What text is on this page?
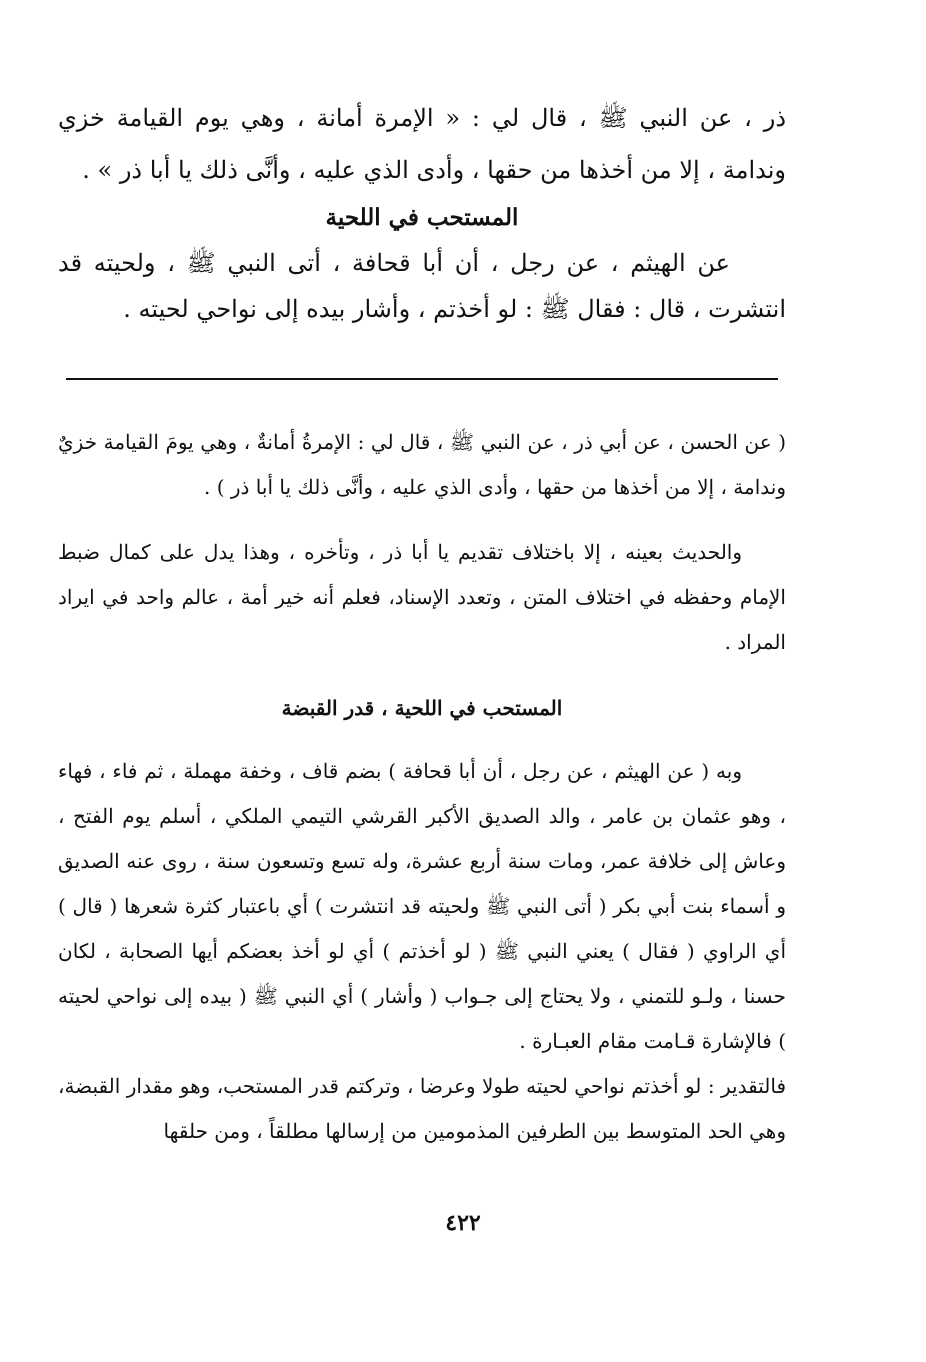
ذر ، عن النبي ﷺ ، قال لي : « الإمرة أمانة ، وهي يوم القيامة خزي وندامة ، إلا من أخذها من حقها ، وأدى الذي عليه ، وأنَّى ذلك يا أبا ذر » .

المستحب في اللحية

عن الهيثم ، عن رجل ، أن أبا قحافة ، أتى النبي ﷺ ، ولحيته قد انتشرت ، قال : فقال ﷺ : لو أخذتم ، وأشار بيده إلى نواحي لحيته .

( عن الحسن ، عن أبي ذر ، عن النبي ﷺ ، قال لي : الإمرةُ أمانةٌ ، وهي يومَ القيامة خزيٌ وندامة ، إلا من أخذها من حقها ، وأدى الذي عليه ، وأنَّى ذلك يا أبا ذر ) .

والحديث بعينه ، إلا باختلاف تقديم يا أبا ذر ، وتأخره ، وهذا يدل على كمال ضبط الإمام وحفظه في اختلاف المتن ، وتعدد الإسناد، فعلم أنه خير أمة ، عالم واحد في ايراد المراد .

المستحب في اللحية ، قدر القبضة

وبه ( عن الهيثم ، عن رجل ، أن أبا قحافة ) بضم قاف ، وخفة مهملة ، ثم فاء ، فهاء ، وهو عثمان بن عامر ، والد الصديق الأكبر القرشي التيمي الملكي ، أسلم يوم الفتح ، وعاش إلى خلافة عمر، ومات سنة أربع عشرة، وله تسع وتسعون سنة ، روى عنه الصديق و أسماء بنت أبي بكر ( أتى النبي ﷺ ولحيته قد انتشرت ) أي باعتبار كثرة شعرها ( قال ) أي الراوي ( فقال ) يعني النبي ﷺ ( لو أخذتم ) أي لو أخذ بعضكم أيها الصحابة ، لكان حسنا ، ولـو للتمني ، ولا يحتاج إلى جـواب ( وأشار ) أي النبي ﷺ ( بيده إلى نواحي لحيته ) فالإشارة قـامت مقام العبـارة .

فالتقدير : لو أخذتم نواحي لحيته طولا وعرضا ، وتركتم قدر المستحب، وهو مقدار القبضة، وهي الحد المتوسط بين الطرفين المذمومين من إرسالها مطلقاً ، ومن حلقها

٤٢٢
